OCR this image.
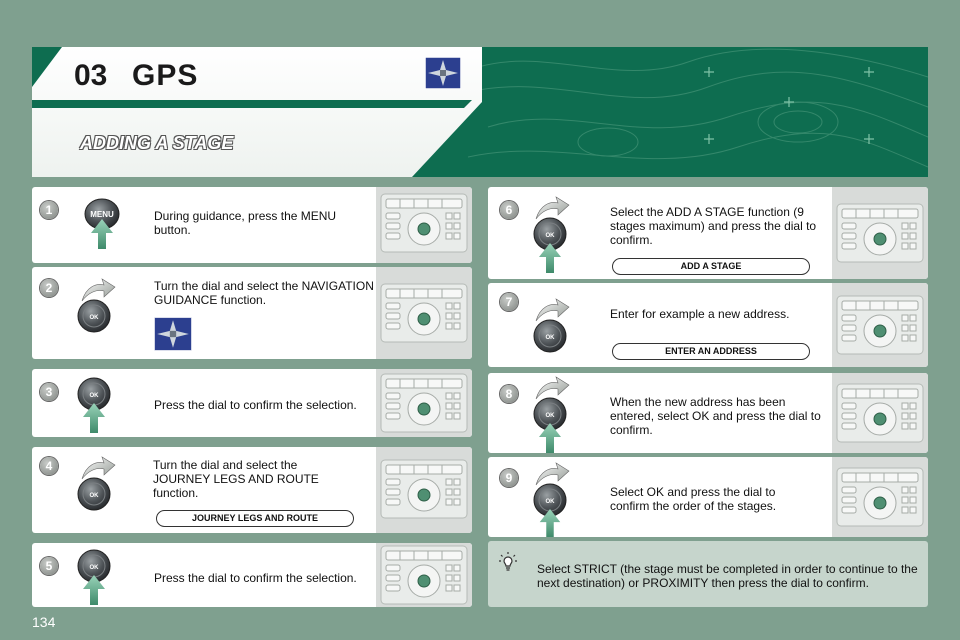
03 GPS
ADDING A STAGE
1	MENU	During guidance, press the MENU button.
2
OK
Turn the dial and select the NAVIGATION GUIDANCE function.
3	OK
Press the dial to confirm the selection.
4
OK
Turn the dial and select the JOURNEY LEGS AND ROUTE function.
JOURNEY LEGS AND ROUTE
5	OK
Press the dial to confirm the selection.
6
OK
Select the ADD A STAGE function (9 stages maximum) and press the dial to confirm.
ADD A STAGE
7
OK
Enter for example a new address.
ENTER AN ADDRESS
8
OK
When the new address has been entered, select OK and press the dial to confirm.
9
OK
Select OK and press the dial to confirm the order of the stages.
Select STRICT (the stage must be completed in order to continue to the next destination) or PROXIMITY then press the dial to confirm.
134
